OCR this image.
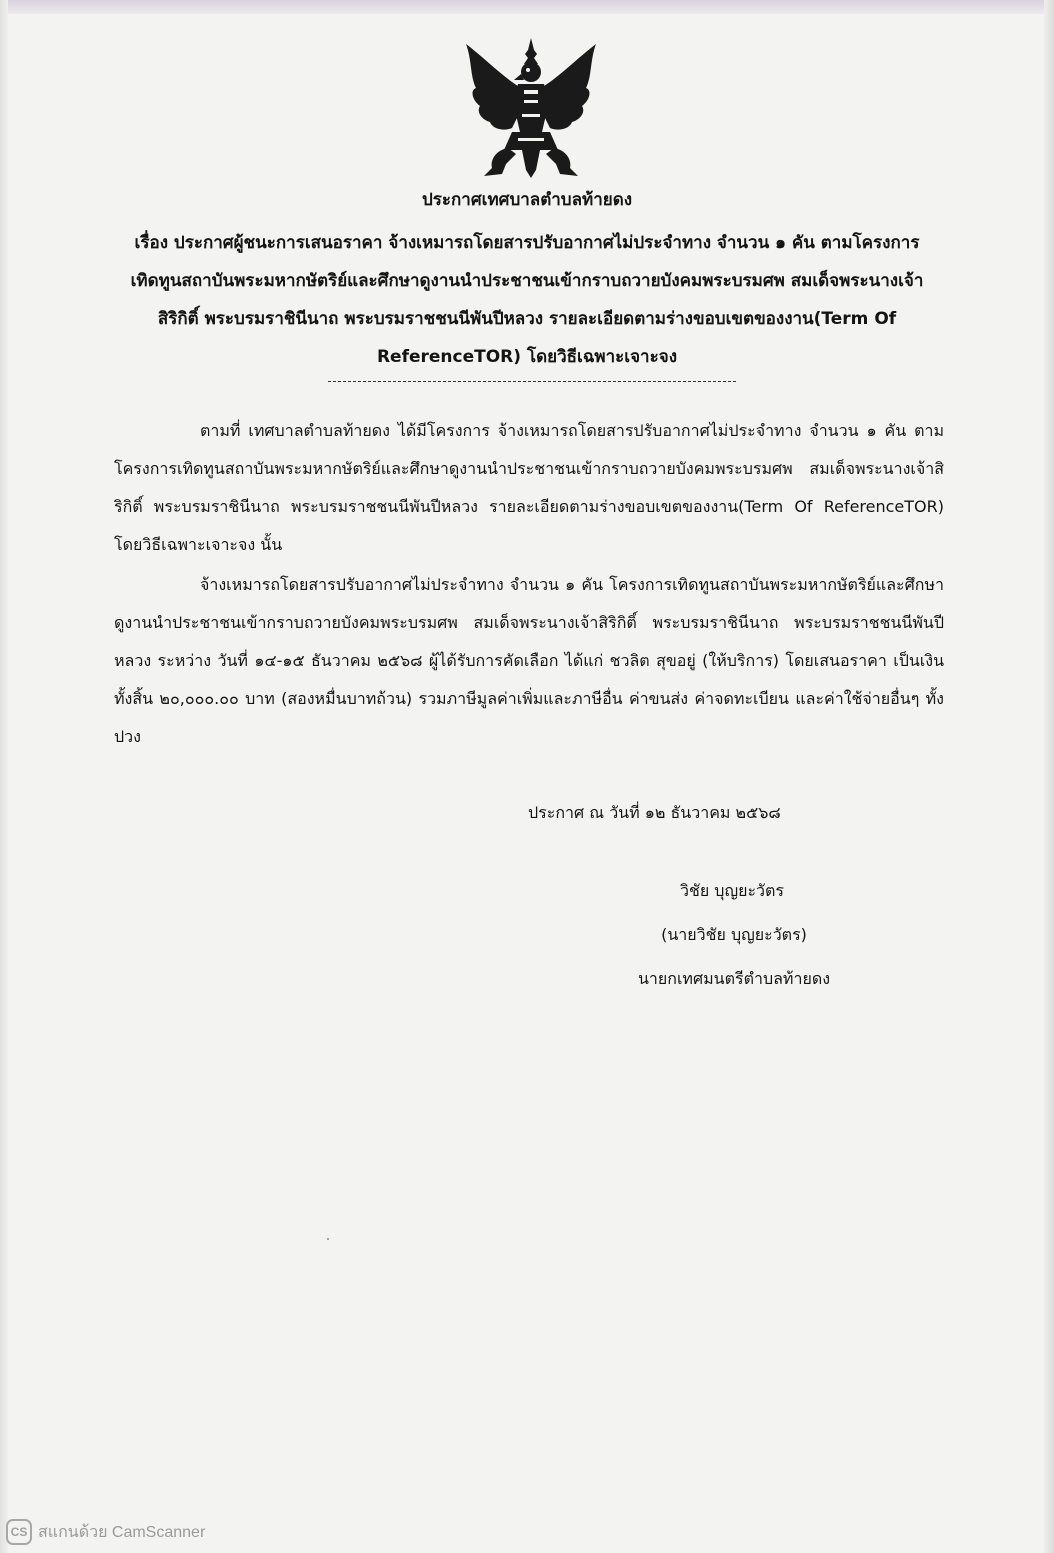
ประกาศเทศบาลตำบลท้ายดง
เรื่อง ประกาศผู้ชนะการเสนอราคา จ้างเหมารถโดยสารปรับอากาศไม่ประจำทาง จำนวน ๑ คัน ตามโครงการ
เทิดทูนสถาบันพระมหากษัตริย์และศึกษาดูงานนำประชาชนเข้ากราบถวายบังคมพระบรมศพ สมเด็จพระนางเจ้า
สิริกิติ์ พระบรมราชินีนาถ พระบรมราชชนนีพันปีหลวง รายละเอียดตามร่างขอบเขตของงาน(Term Of
ReferenceTOR) โดยวิธีเฉพาะเจาะจง
ตามที่ เทศบาลตำบลท้ายดง ได้มีโครงการ จ้างเหมารถโดยสารปรับอากาศไม่ประจำทาง จำนวน ๑ คัน ตามโครงการเทิดทูนสถาบันพระมหากษัตริย์และศึกษาดูงานนำประชาชนเข้ากราบถวายบังคมพระบรมศพ สมเด็จพระนางเจ้าสิริกิติ์ พระบรมราชินีนาถ พระบรมราชชนนีพันปีหลวง รายละเอียดตามร่างขอบเขตของงาน(Term Of ReferenceTOR) โดยวิธีเฉพาะเจาะจง นั้น
จ้างเหมารถโดยสารปรับอากาศไม่ประจำทาง จำนวน ๑ คัน โครงการเทิดทูนสถาบันพระมหากษัตริย์และศึกษาดูงานนำประชาชนเข้ากราบถวายบังคมพระบรมศพ สมเด็จพระนางเจ้าสิริกิติ์ พระบรมราชินีนาถ พระบรมราชชนนีพันปีหลวง ระหว่าง วันที่ ๑๔-๑๕ ธันวาคม ๒๕๖๘ ผู้ได้รับการคัดเลือก ได้แก่ ชวลิต สุขอยู่ (ให้บริการ) โดยเสนอราคา เป็นเงินทั้งสิ้น ๒๐,๐๐๐.๐๐ บาท (สองหมื่นบาทถ้วน) รวมภาษีมูลค่าเพิ่มและภาษีอื่น ค่าขนส่ง ค่าจดทะเบียน และค่าใช้จ่ายอื่นๆ ทั้งปวง
ประกาศ ณ วันที่ ๑๒ ธันวาคม ๒๕๖๘
วิชัย บุญยะวัตร
(นายวิชัย บุญยะวัตร)
นายกเทศมนตรีตำบลท้ายดง
CS สแกนด้วย CamScanner
